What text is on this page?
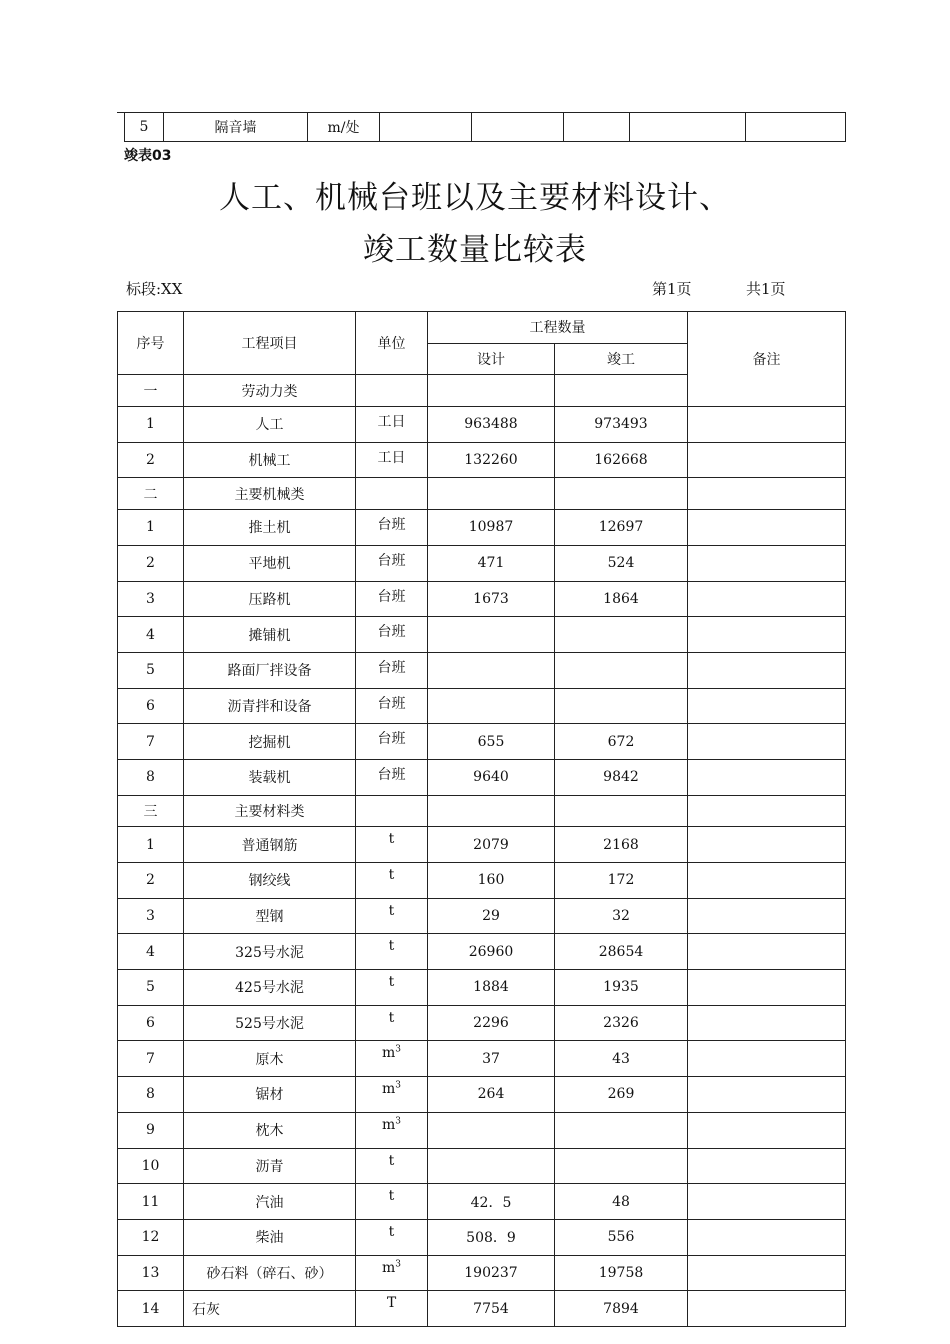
5	隔音墙	m/处					
竣表03
人工、机械台班以及主要材料设计、
竣工数量比较表
标段:XX	第1页	共1页
序号	工程项目	单位	工程数量		备注
			设计	竣工	
一	劳动力类				
1	人工	工日	963488	973493	
2	机械工	工日	132260	162668	
二	主要机械类				
1	推土机	台班	10987	12697	
2	平地机	台班	471	524	
3	压路机	台班	1673	1864	
4	摊铺机	台班			
5	路面厂拌设备	台班			
6	沥青拌和设备	台班			
7	挖掘机	台班	655	672	
8	装载机	台班	9640	9842	
三	主要材料类				
1	普通钢筋	t	2079	2168	
2	钢绞线	t	160	172	
3	型钢	t	29	32	
4	325号水泥	t	26960	28654	
5	425号水泥	t	1884	1935	
6	525号水泥	t	2296	2326	
7	原木	$m^3$	37	43	
8	锯材	$m^3$	264	269	
9	枕木	$m^3$			
10	沥青	t			
11	汽油	t	42．5	48	
12	柴油	t	508．9	556	
13	砂石料（碎石、砂）	$m^3$	190237	19758	
14	石灰	T	7754	7894	
